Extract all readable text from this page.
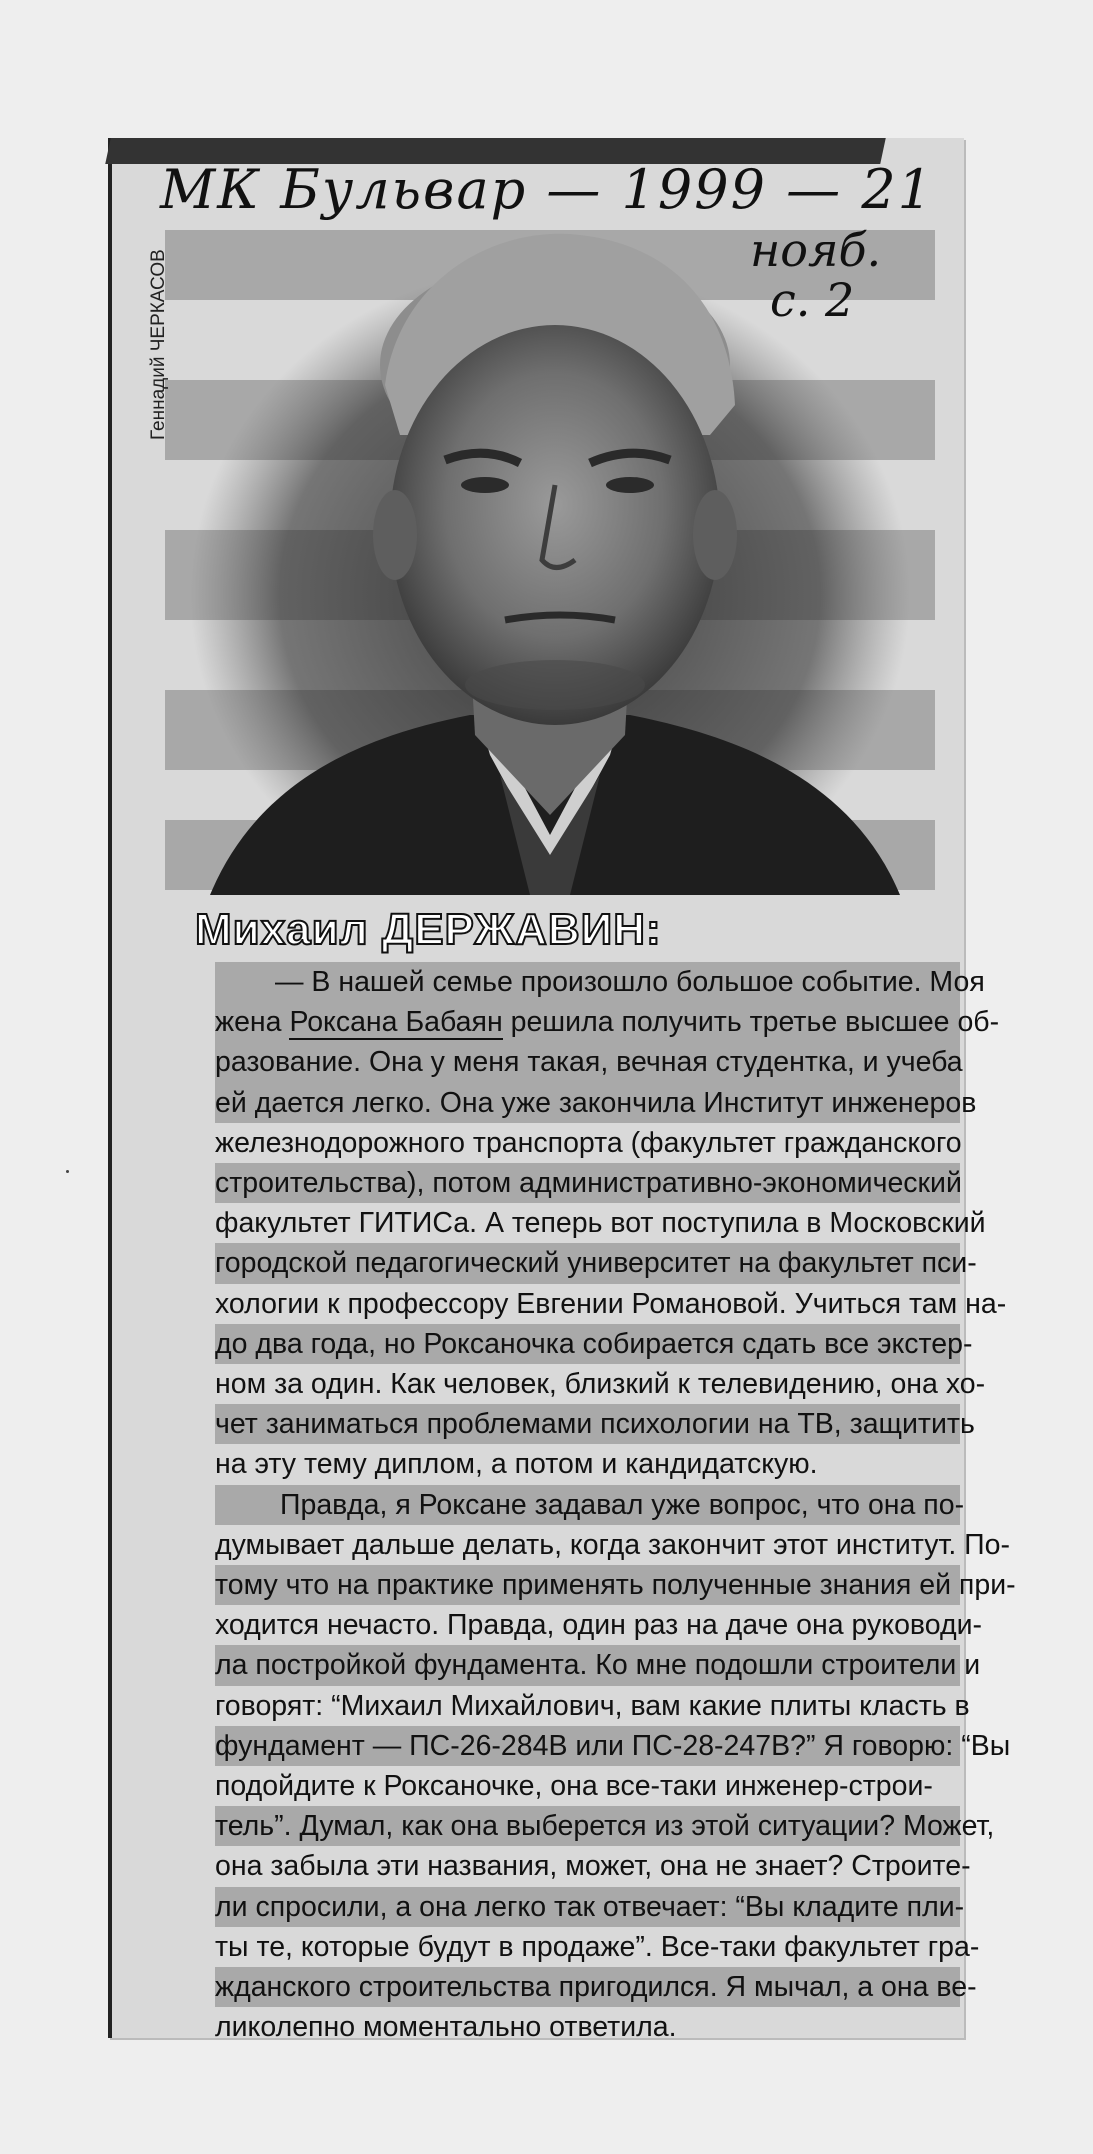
МК Бульвар — 1999 — 21
нояб.
с. 2
Геннадий ЧЕРКАСОВ
Михаил ДЕРЖАВИН:
— В нашей семье произошло большое событие. Моя
жена Роксана Бабаян решила получить третье высшее об-
разование. Она у меня такая, вечная студентка, и учеба
ей дается легко. Она уже закончила Институт инженеров
железнодорожного транспорта (факультет гражданского
строительства), потом административно-экономический
факультет ГИТИСа. А теперь вот поступила в Московский
городской педагогический университет на факультет пси-
хологии к профессору Евгении Романовой. Учиться там на-
до два года, но Роксаночка собирается сдать все экстер-
ном за один. Как человек, близкий к телевидению, она хо-
чет заниматься проблемами психологии на ТВ, защитить
на эту тему диплом, а потом и кандидатскую.
Правда, я Роксане задавал уже вопрос, что она по-
думывает дальше делать, когда закончит этот институт. По-
тому что на практике применять полученные знания ей при-
ходится нечасто. Правда, один раз на даче она руководи-
ла постройкой фундамента. Ко мне подошли строители и
говорят: “Михаил Михайлович, вам какие плиты класть в
фундамент — ПС-26-284В или ПС-28-247В?” Я говорю: “Вы
подойдите к Роксаночке, она все-таки инженер-строи-
тель”. Думал, как она выберется из этой ситуации? Может,
она забыла эти названия, может, она не знает? Строите-
ли спросили, а она легко так отвечает: “Вы кладите пли-
ты те, которые будут в продаже”. Все-таки факультет гра-
жданского строительства пригодился. Я мычал, а она ве-
ликолепно моментально ответила.
